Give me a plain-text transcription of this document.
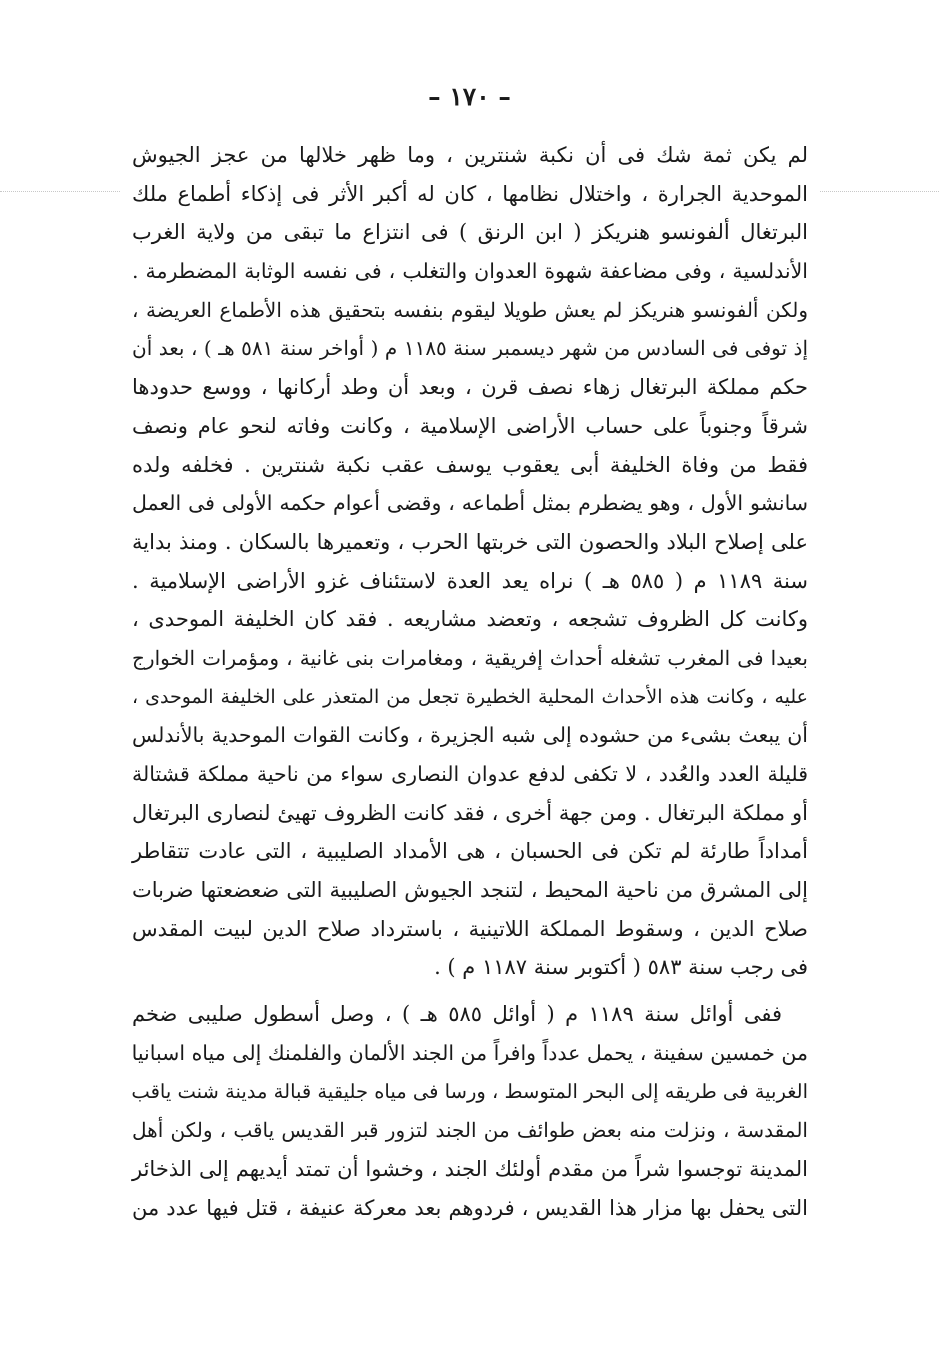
– ١٧٠ –
لم يكن ثمة شك فى أن نكبة شنترين ، وما ظهر خلالها من عجز الجيوش
الموحدية الجرارة ، واختلال نظامها ، كان له أكبر الأثر فى إذكاء أطماع ملك
البرتغال ألفونسو هنريكز ( ابن الرنق ) فى انتزاع ما تبقى من ولاية الغرب
الأندلسية ، وفى مضاعفة شهوة العدوان والتغلب ، فى نفسه الوثابة المضطرمة .
ولكن ألفونسو هنريكز لم يعش طويلا ليقوم بنفسه بتحقيق هذه الأطماع العريضة ،
إذ توفى فى السادس من شهر ديسمبر سنة ١١٨٥ م ( أواخر سنة ٥٨١ هـ ) ، بعد أن
حكم مملكة البرتغال زهاء نصف قرن ، وبعد أن وطد أركانها ، ووسع حدودها
شرقاً وجنوباً على حساب الأراضى الإسلامية ، وكانت وفاته لنحو عام ونصف
فقط من وفاة الخليفة أبى يعقوب يوسف عقب نكبة شنترين . فخلفه ولده
سانشو الأول ، وهو يضطرم بمثل أطماعه ، وقضى أعوام حكمه الأولى فى العمل
على إصلاح البلاد والحصون التى خربتها الحرب ، وتعميرها بالسكان . ومنذ بداية
سنة ١١٨٩ م ( ٥٨٥ هـ ) نراه يعد العدة لاستئناف غزو الأراضى الإسلامية .
وكانت كل الظروف تشجعه ، وتعضد مشاريعه . فقد كان الخليفة الموحدى ،
بعيدا فى المغرب تشغله أحداث إفريقية ، ومغامرات بنى غانية ، ومؤمرات الخوارج
عليه ، وكانت هذه الأحداث المحلية الخطيرة تجعل من المتعذر على الخليفة الموحدى ،
أن يبعث بشىء من حشوده إلى شبه الجزيرة ، وكانت القوات الموحدية بالأندلس
قليلة العدد والعُدد ، لا تكفى لدفع عدوان النصارى سواء من ناحية مملكة قشتالة
أو مملكة البرتغال . ومن جهة أخرى ، فقد كانت الظروف تهيئ لنصارى البرتغال
أمداداً طارئة لم تكن فى الحسبان ، هى الأمداد الصليبية ، التى عادت تتقاطر
إلى المشرق من ناحية المحيط ، لتنجد الجيوش الصليبية التى ضعضعتها ضربات
صلاح الدين ، وسقوط المملكة اللاتينية ، باسترداد صلاح الدين لبيت المقدس
فى رجب سنة ٥٨٣ ( أكتوبر سنة ١١٨٧ م ) .
ففى أوائل سنة ١١٨٩ م ( أوائل ٥٨٥ هـ ) ، وصل أسطول صليبى ضخم
من خمسين سفينة ، يحمل عدداً وافراً من الجند الألمان والفلمنك إلى مياه اسبانيا
الغربية فى طريقه إلى البحر المتوسط ، ورسا فى مياه جليقية قبالة مدينة شنت ياقب
المقدسة ، ونزلت منه بعض طوائف من الجند لتزور قبر القديس ياقب ، ولكن أهل
المدينة توجسوا شراً من مقدم أولئك الجند ، وخشوا أن تمتد أيديهم إلى الذخائر
التى يحفل بها مزار هذا القديس ، فردوهم بعد معركة عنيفة ، قتل فيها عدد من
